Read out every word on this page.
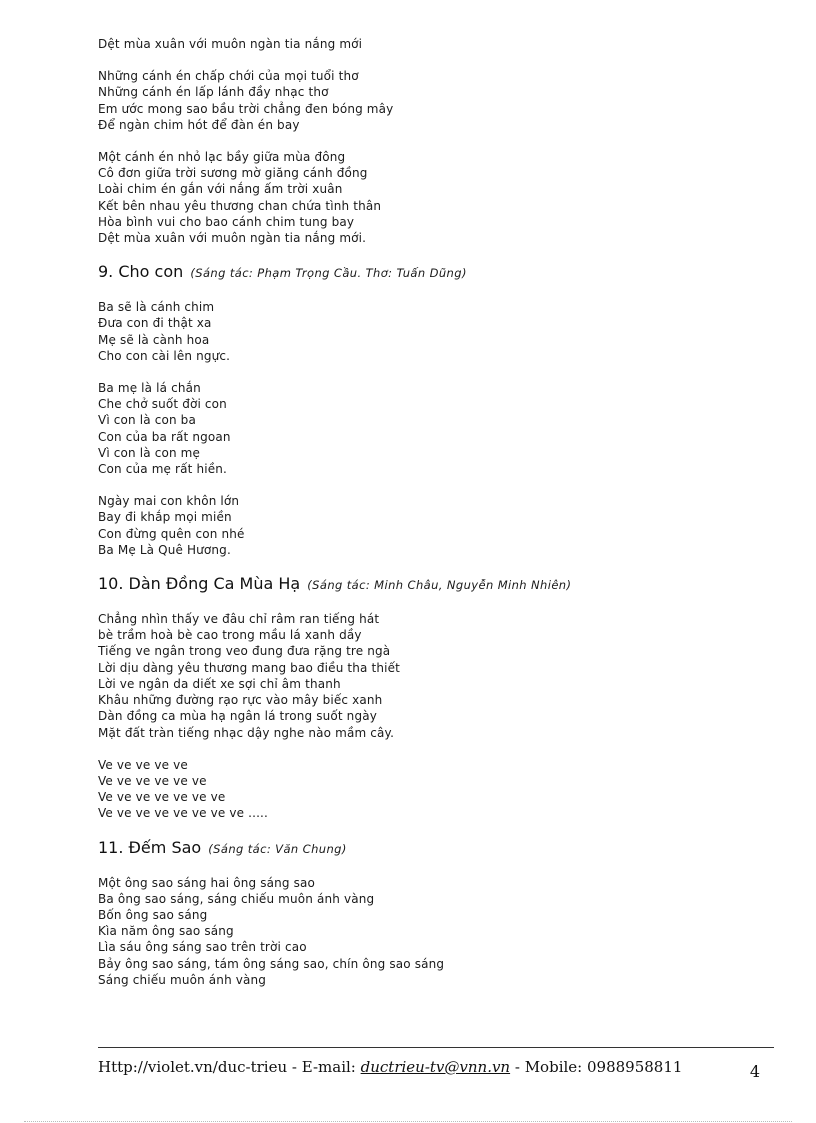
Dệt mùa xuân với muôn ngàn tia nắng mới
Những cánh én chấp chới của mọi tuổi thơ
Những cánh én lấp lánh đầy nhạc thơ
Em ước mong sao bầu trời chẳng đen bóng mây
Để ngàn chim hót để đàn én bay
Một cánh én nhỏ lạc bầy giữa mùa đông
Cô đơn giữa trời sương mờ giăng cánh đồng
Loài chim én gắn với nắng ấm trời xuân
Kết bên nhau yêu thương chan chứa tình thân
Hòa bình vui cho bao cánh chim tung bay
Dệt mùa xuân với muôn ngàn tia nắng mới.
9. Cho con (Sáng tác: Phạm Trọng Cầu. Thơ: Tuấn Dũng)
Ba sẽ là cánh chim
Đưa con đi thật xa
Mẹ sẽ là cành hoa
Cho con cài lên ngực.
Ba mẹ là lá chắn
Che chở suốt đời con
Vì con là con ba
Con của ba rất ngoan
Vì con là con mẹ
Con của mẹ rất hiền.
Ngày mai con khôn lớn
Bay đi khắp mọi miền
Con đừng quên con nhé
Ba Mẹ Là Quê Hương.
10. Dàn Đồng Ca Mùa Hạ (Sáng tác: Minh Châu, Nguyễn Minh Nhiên)
Chẳng nhìn thấy ve đâu chỉ râm ran tiếng hát
bè trầm hoà bè cao trong mầu lá xanh dầy
Tiếng ve ngân trong veo đung đưa rặng tre ngà
Lời dịu dàng yêu thương mang bao điều tha thiết
Lời ve ngân da diết xe sợi chỉ âm thanh
Khâu những đường rạo rực vào mây biếc xanh
Dàn đồng ca mùa hạ ngân lá trong suốt ngày
Mặt đất tràn tiếng nhạc dậy nghe nào mầm cây.
Ve ve ve ve ve
Ve ve ve ve ve ve
Ve ve ve ve ve ve ve
Ve ve ve ve ve ve ve ve .....
11. Đếm Sao (Sáng tác: Văn Chung)
Một ông sao sáng hai ông sáng sao
Ba ông sao sáng, sáng chiếu muôn ánh vàng
Bốn ông sao sáng
Kìa năm ông sao sáng
Lìa sáu ông sáng sao trên trời cao
Bảy ông sao sáng, tám ông sáng sao, chín ông sao sáng
Sáng chiếu muôn ánh vàng
Http://violet.vn/duc-trieu - E-mail: ductrieu-tv@vnn.vn - Mobile: 0988958811	4
